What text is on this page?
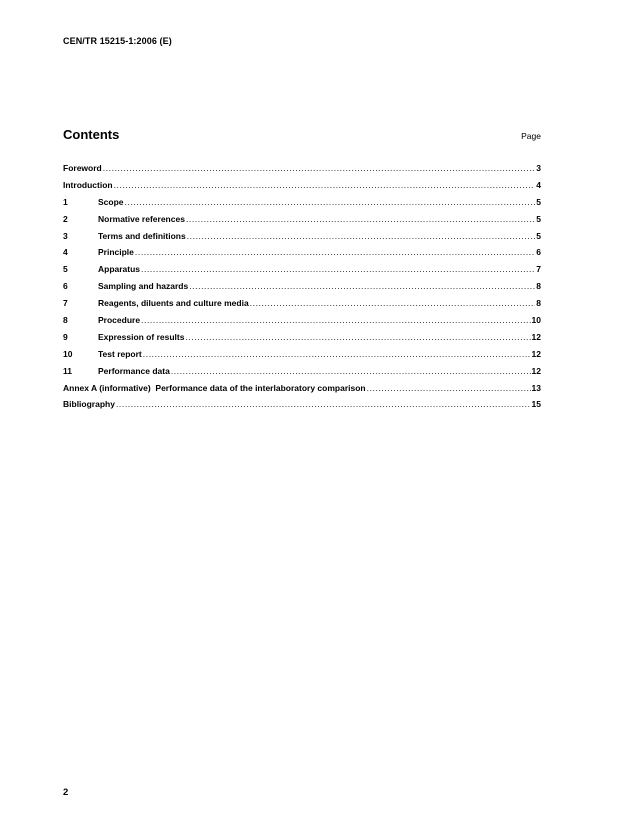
CEN/TR 15215-1:2006 (E)
Contents	Page
Foreword .....	3
Introduction .....	4
1	Scope .....	5
2	Normative references .....	5
3	Terms and definitions .....	5
4	Principle .....	6
5	Apparatus .....	7
6	Sampling and hazards .....	8
7	Reagents, diluents and culture media .....	8
8	Procedure .....	10
9	Expression of results .....	12
10	Test report .....	12
11	Performance data .....	12
Annex A (informative)  Performance data of the interlaboratory comparison .....	13
Bibliography .....	15
2
